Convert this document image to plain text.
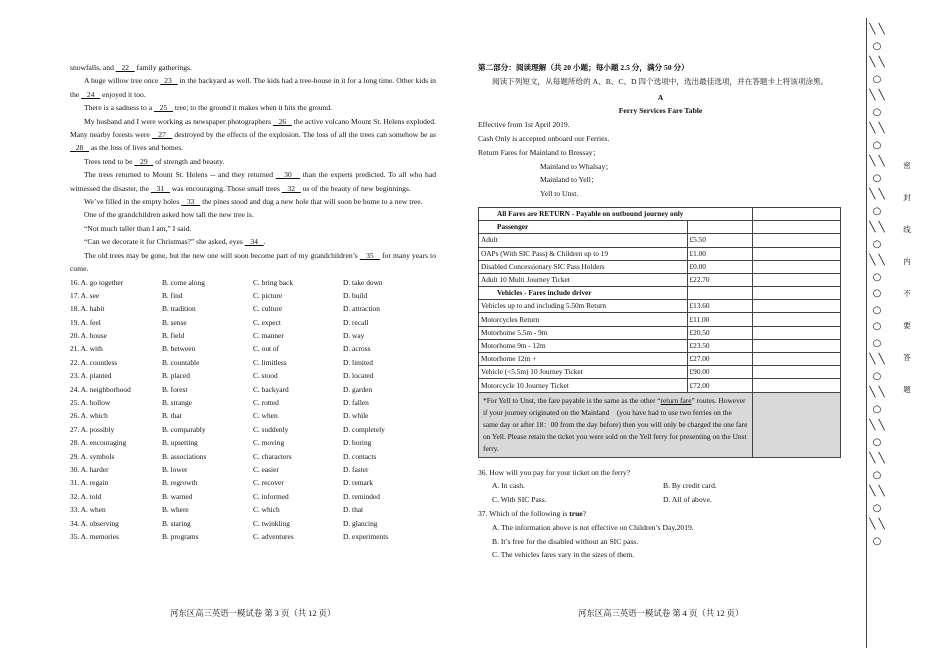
snowfalls, and    22    family gatherings.
A huge willow tree once   23    in the backyard as well. The kids had a tree-house in it for a long time. Other kids in the    24    enjoyed it too.
There is a sadness to a    25    tree; to the ground it makes when it hits the ground.
My husband and I were working as newspaper photographers    26    the active volcano Mount St. Helens exploded. Many nearby forests were    27    destroyed by the effects of the explosion. The loss of all the trees can somehow be as    28    as the loss of lives and homes.
Trees tend to be    29    of strength and beauty.
The trees returned to Mount St. Helens -- and they returned    30    than the experts predicted. To all who had witnessed the disaster, the    31    was encouraging. Those small trees    32    us of the beauty of new beginnings.
We’ve filled in the empty holes    33    the pines stood and dug a new hole that will soon be home to a new tree.
One of the grandchildren asked how tall the new tree is.
“Not much taller than I am,” I said.
“Can we decorate it for Christmas?” she asked, eyes    34   .
The old trees may be gone, but the new one will soon become part of my grandchildren’s    35    for many years to come.
16. A. go together	B. come along	C. bring back	D. take down
17. A. see	B. find	C. picture	D. build
18. A. habit	B. tradition	C. culture	D. attraction
19. A. feel	B. sense	C. expect	D. recall
20. A. house	B. field	C. manner	D. way
21. A. with	B. between	C. out of	D. across
22. A. countless	B. countable	C. limitless	D. limited
23. A. planted	B. placed	C. stood	D. located
24. A. neighborhood	B. forest	C. backyard	D. garden
25. A. hollow	B. strange	C. rotted	D. fallen
26. A. which	B. that	C. when	D. while
27. A. possibly	B. comparably	C. suddenly	D. completely
28. A. encouraging	B. upsetting	C. moving	D. boring
29. A. symbols	B. associations	C. characters	D. contacts
30. A. harder	B. lower	C. easier	D. faster
31. A. regain	B. regrowth	C. recover	D. remark
32. A. told	B. warned	C. informed	D. reminded
33. A. when	B. where	C. which	D. that
34. A. observing	B. staring	C. twinkling	D. glancing
35. A. memories	B. programs	C. adventures	D. experiments
河东区高三英语一模试卷 第 3 页（共 12 页）
第二部分：阅读理解（共 20 小题；每小题 2.5 分，满分 50 分）
阅读下列短文，从每题所给的 A、B、C、D 四个选项中，选出最佳选项，并在答题卡上将该项涂黑。
A
Ferry Services Fare Table
Effective from 1st April 2019.
Cash Only is accepted onboard our Ferries.
Return Fares for Mainland to Bressay；
Mainland to Whalsay；
Mainland to Yell；
Yell to Unst.
All Fares are RETURN - Payable on outbound journey only		
Passenger		
Adult	£5.50	
OAPs (With SIC Pass) & Children up to 19	£1.00	
Disabled Concessionary SIC Pass Holders	£0.00	
Adult 10 Multi Journey Ticket	£22.70	
Vehicles - Fares include driver		
Vehicles up to and including 5.50m Return	£13.60	
Motorcycles Return	£11.00	
Motorhome 5.5m - 9m	£20.50	
Motorhome 9m - 12m	£23.50	
Motorhome 12m +	£27.00	
Vehicle (<5.5m) 10 Journey Ticket	£90.00	
Motorcycle 10 Journey Ticket	£72.00	
*For Yell to Unst, the fare payable is the same as the other “return fare” routes. However if your journey originated on the Mainland　(you have had to use two ferries on the same day or after 18：00 from the day before) then you will only be charged the one fare on Yell. Please retain the ticket you were sold on the Yell ferry for presenting on the Unst ferry.		
36. How will you pay for your ticket on the ferry?
A. In cash.	B. By credit card.
C. With SIC Pass.	D. All of above.
37. Which of the following is true?
A. The information above is not effective on Children’s Day,2019.
B. It’s free for the disabled without an SIC pass.
C. The vehicles fares vary in the sizes of them.
河东区高三英语一模试卷 第 4 页（共 12 页）
╲ ╲ ○ ╲ ╲ ○ ╲ ╲ ○ ╲ ╲ ○ ╲ ╲ ○ ╲ ╲ ○ ╲ ╲ ○ ╲ ╲ ○ ○ ○ ○ ○ ╲ ╲ ○ ╲ ╲ ○ ╲ ╲ ○ ╲ ╲ ○ ╲ ╲ ○ ╲ ╲ ○
密
封
线
内
不
要
答
题
